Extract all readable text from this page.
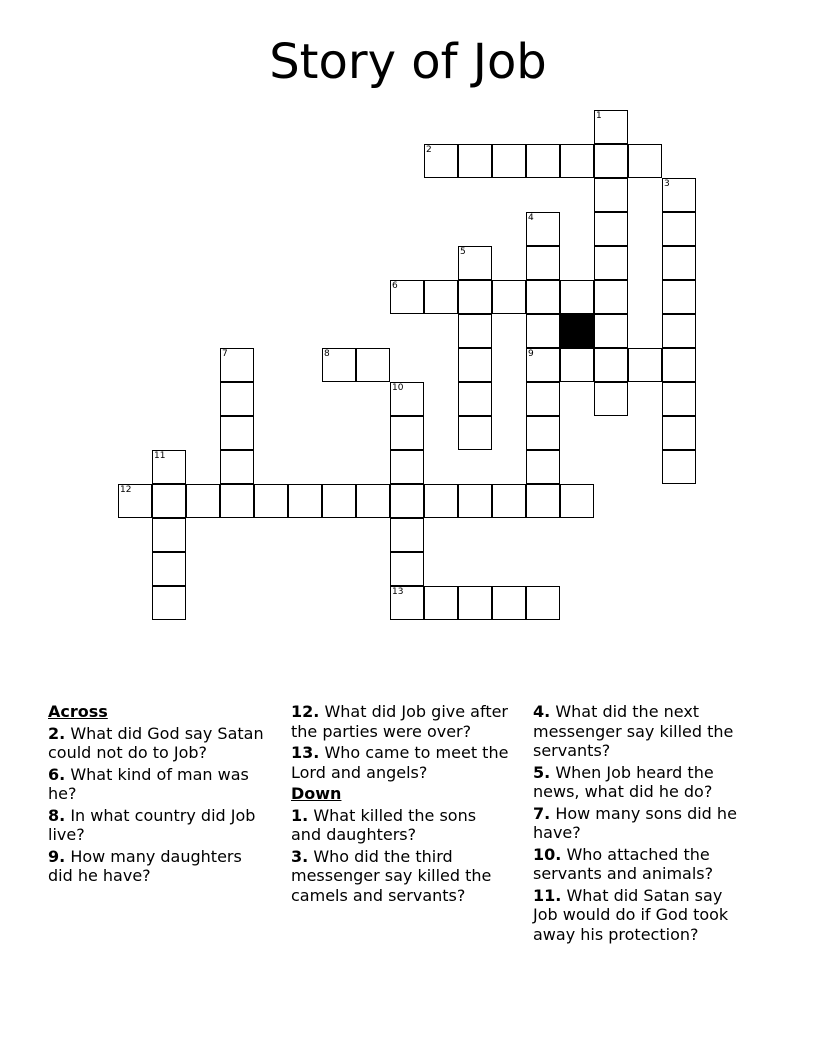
Story of Job
1
2
3
4
5
6
7	8	9
10
11
12
13
Across
2. What did God say Satan could not do to Job?
6. What kind of man was he?
8. In what country did Job live?
9. How many daughters did he have?
12. What did Job give after the parties were over?
13. Who came to meet the Lord and angels?
Down
1. What killed the sons and daughters?
3. Who did the third messenger say killed the camels and servants?
4. What did the next messenger say killed the servants?
5. When Job heard the news, what did he do?
7. How many sons did he have?
10. Who attached the servants and animals?
11. What did Satan say Job would do if God took away his protection?
